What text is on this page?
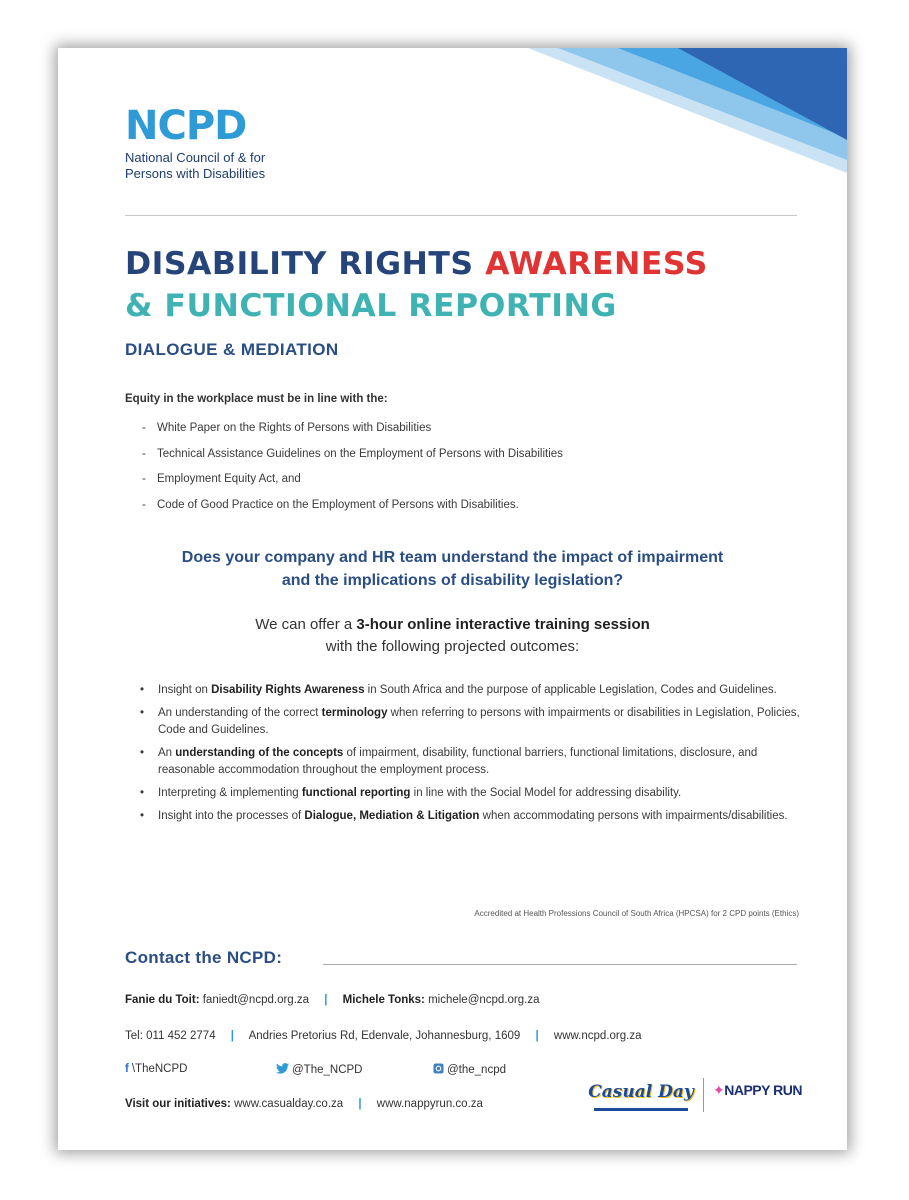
NCPD
National Council of & for
Persons with Disabilities
DISABILITY RIGHTS AWARENESS
& FUNCTIONAL REPORTING
DIALOGUE & MEDIATION
Equity in the workplace must be in line with the:
- White Paper on the Rights of Persons with Disabilities
- Technical Assistance Guidelines on the Employment of Persons with Disabilities
- Employment Equity Act, and
- Code of Good Practice on the Employment of Persons with Disabilities.
Does your company and HR team understand the impact of impairment
and the implications of disability legislation?
We can offer a 3-hour online interactive training session
with the following projected outcomes:
• Insight on Disability Rights Awareness in South Africa and the purpose of applicable Legislation, Codes and Guidelines.
• An understanding of the correct terminology when referring to persons with impairments or disabilities in Legislation, Policies, Code and Guidelines.
• An understanding of the concepts of impairment, disability, functional barriers, functional limitations, disclosure, and reasonable accommodation throughout the employment process.
• Interpreting & implementing functional reporting in line with the Social Model for addressing disability.
• Insight into the processes of Dialogue, Mediation & Litigation when accommodating persons with impairments/disabilities.
Accredited at Health Professions Council of South Africa (HPCSA) for 2 CPD points (Ethics)
Contact the NCPD:
Fanie du Toit: faniedt@ncpd.org.za | Michele Tonks: michele@ncpd.org.za
Tel: 011 452 2774 | Andries Pretorius Rd, Edenvale, Johannesburg, 1609 | www.ncpd.org.za
f \TheNCPD	@The_NCPD	@the_ncpd
Visit our initiatives: www.casualday.co.za | www.nappyrun.co.za
Casual Day ✦NAPPY RUN
